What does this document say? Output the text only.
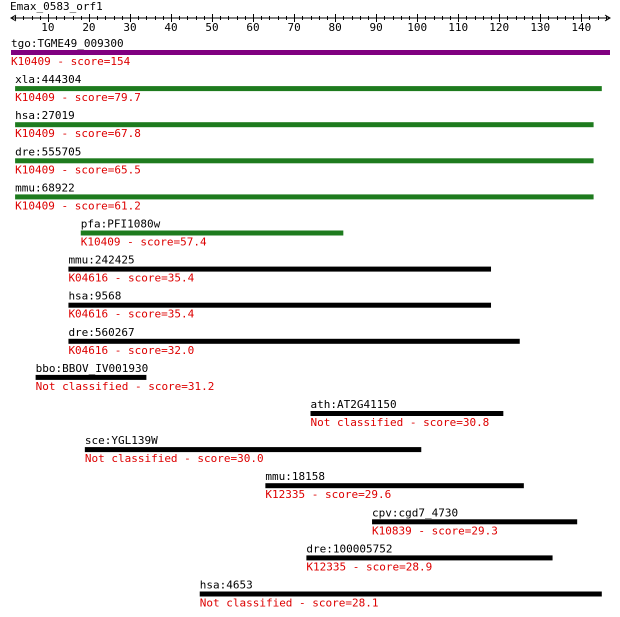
Emax_0583_orf1
10	20	30	40	50	60	70	80	90 100 110 120 130 140
tgo:TGME49_009300
K10409 - score=154
xla:444304
K10409 - score=79.7
hsa:27019
K10409 - score=67.8
dre:555705
K10409 - score=65.5
mmu:68922
K10409 - score=61.2
pfa:PFI1080w
K10409 - score=57.4
mmu:242425
K04616 - score=35.4
hsa:9568
K04616 - score=35.4
dre:560267
K04616 - score=32.0
bbo:BBOV_IV001930
Not classified - score=31.2
ath:AT2G41150
Not classified - score=30.8
sce:YGL139W
Not classified - score=30.0
mmu:18158
K12335 - score=29.6
cpv:cgd7_4730
K10839 - score=29.3
dre:100005752
K12335 - score=28.9
hsa:4653
Not classified - score=28.1
